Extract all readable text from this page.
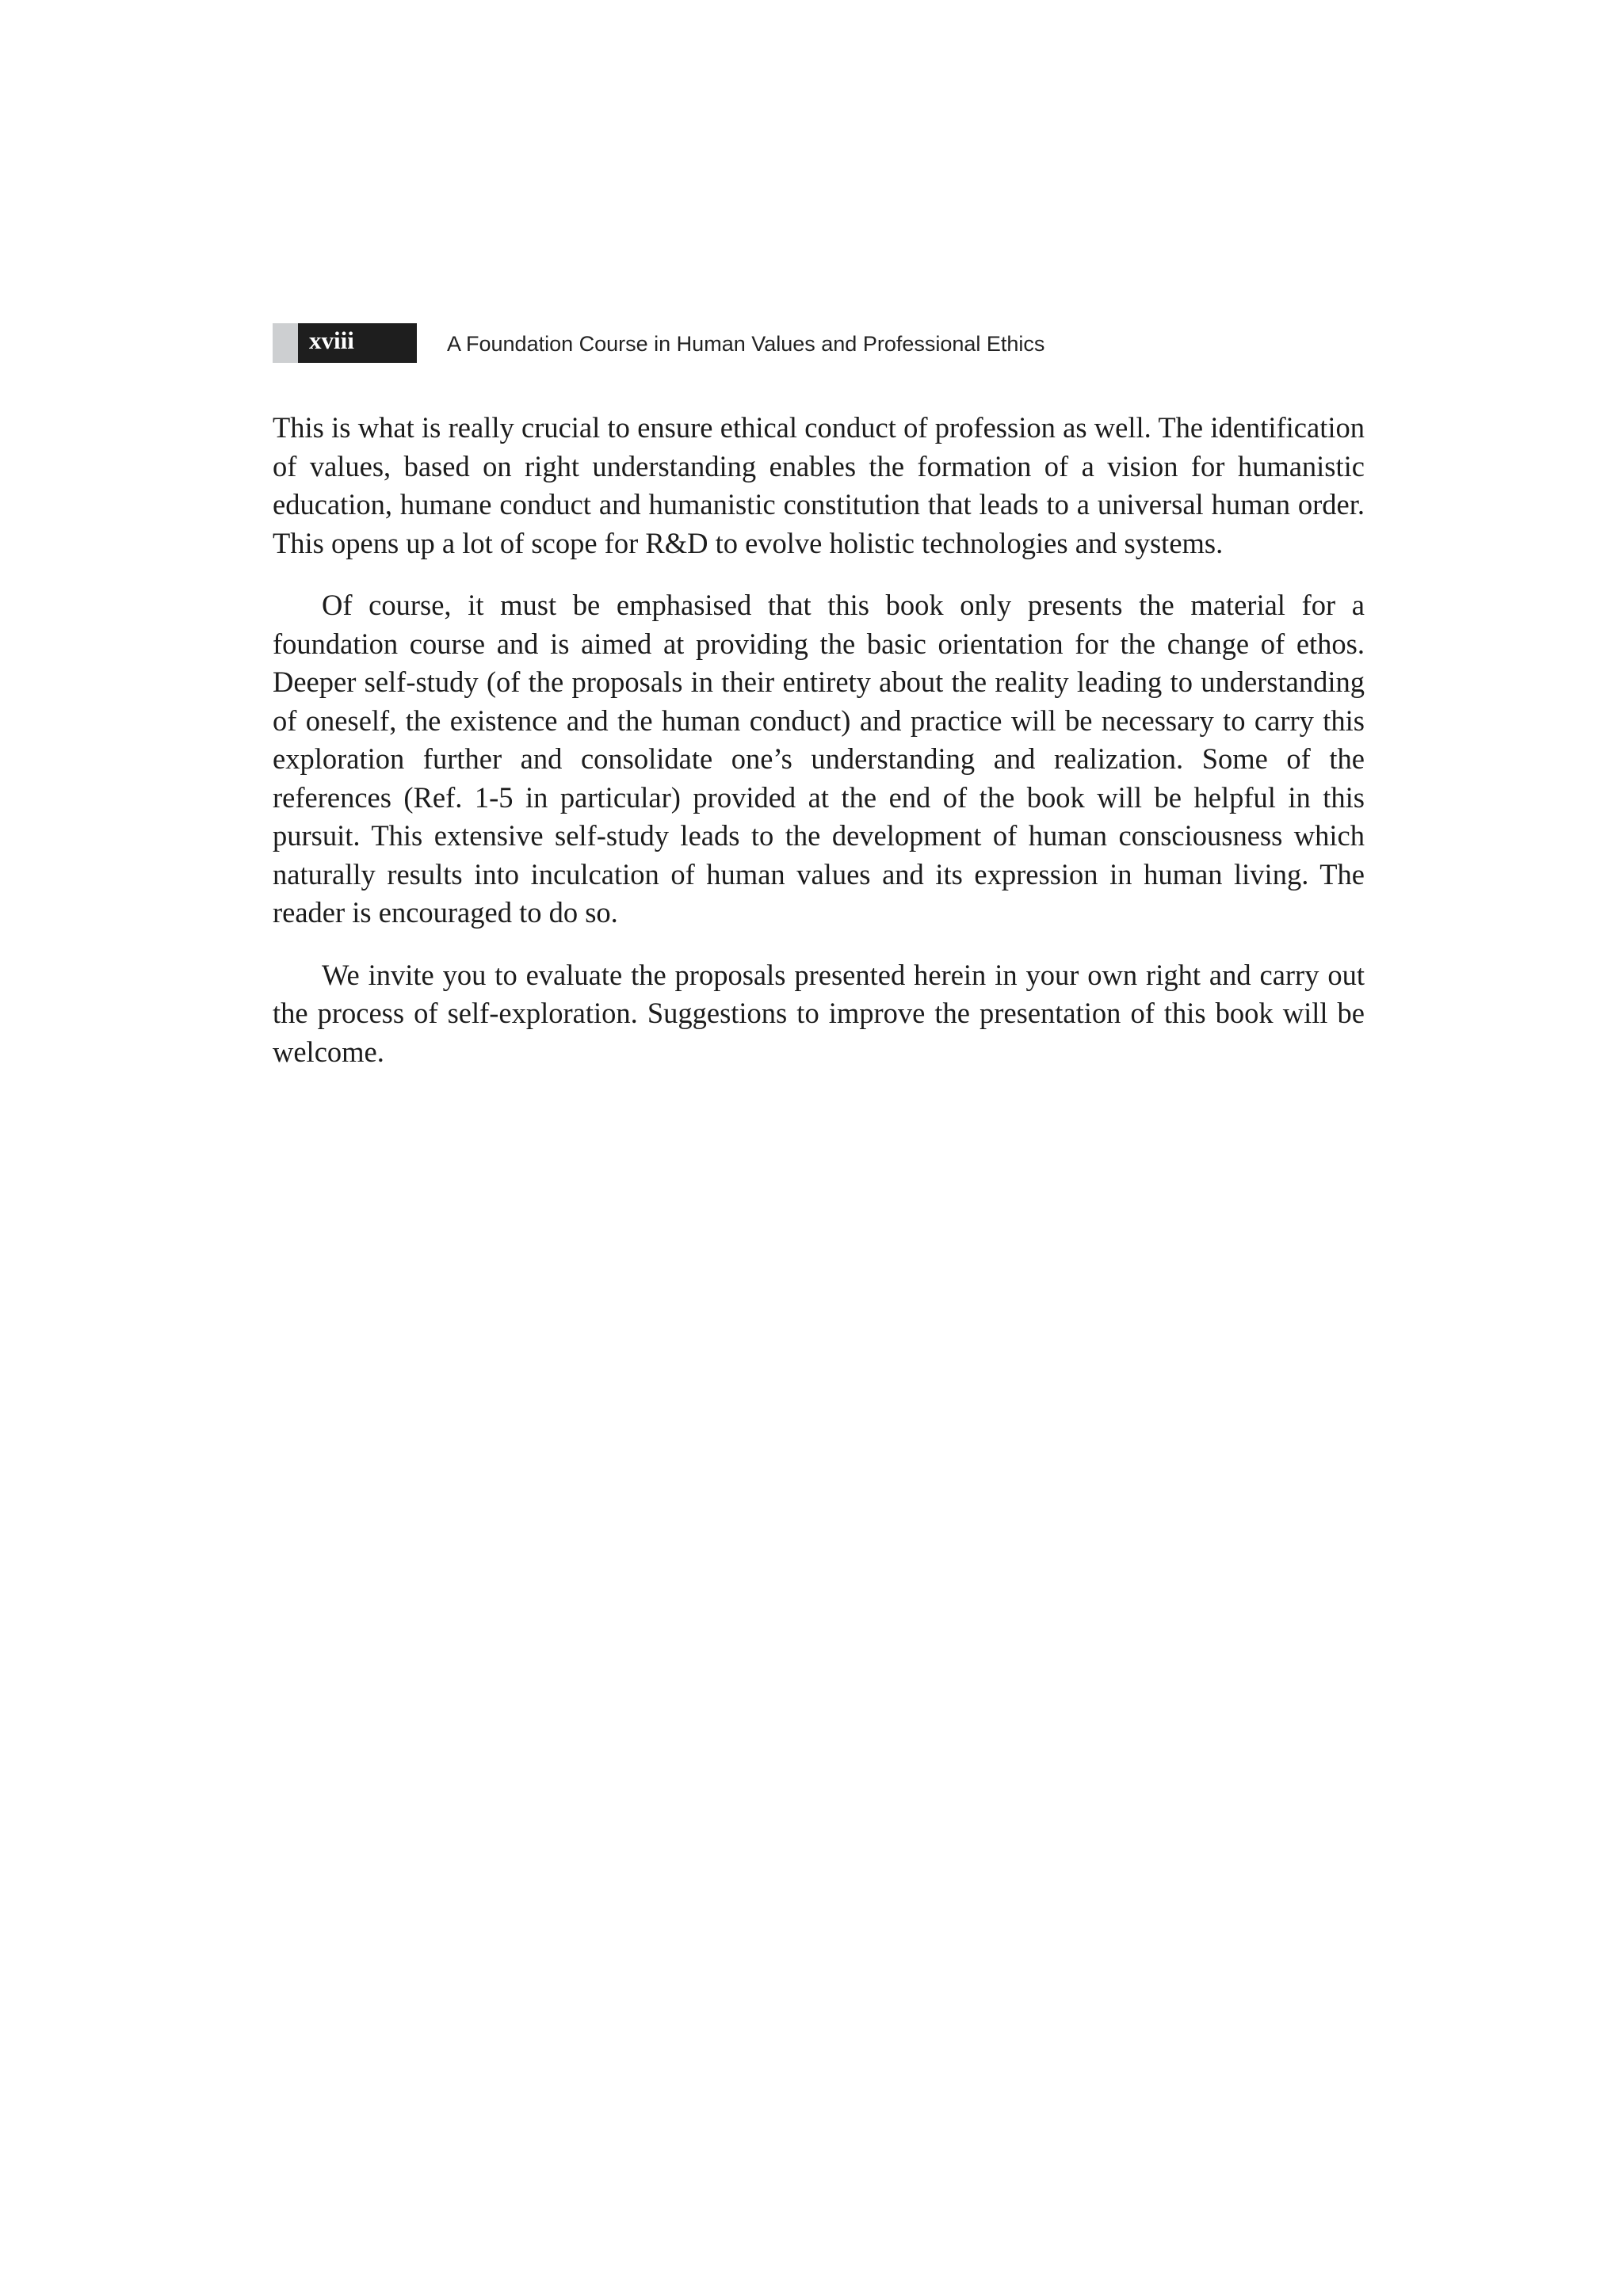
xviii	A Foundation Course in Human Values and Professional Ethics

This is what is really crucial to ensure ethical conduct of profession as well. The identification of values, based on right understanding enables the formation of a vision for humanistic education, humane conduct and humanistic constitution that leads to a universal human order. This opens up a lot of scope for R&D to evolve holistic technologies and systems.

Of course, it must be emphasised that this book only presents the material for a foundation course and is aimed at providing the basic orientation for the change of ethos. Deeper self-study (of the proposals in their entirety about the reality leading to understanding of oneself, the existence and the human conduct) and practice will be necessary to carry this exploration further and consolidate one’s understanding and realization. Some of the references (Ref. 1-5 in particular) provided at the end of the book will be helpful in this pursuit. This extensive self-study leads to the development of human consciousness which naturally results into inculcation of human values and its expression in human living. The reader is encouraged to do so.

We invite you to evaluate the proposals presented herein in your own right and carry out the process of self-exploration. Suggestions to improve the presentation of this book will be welcome.
